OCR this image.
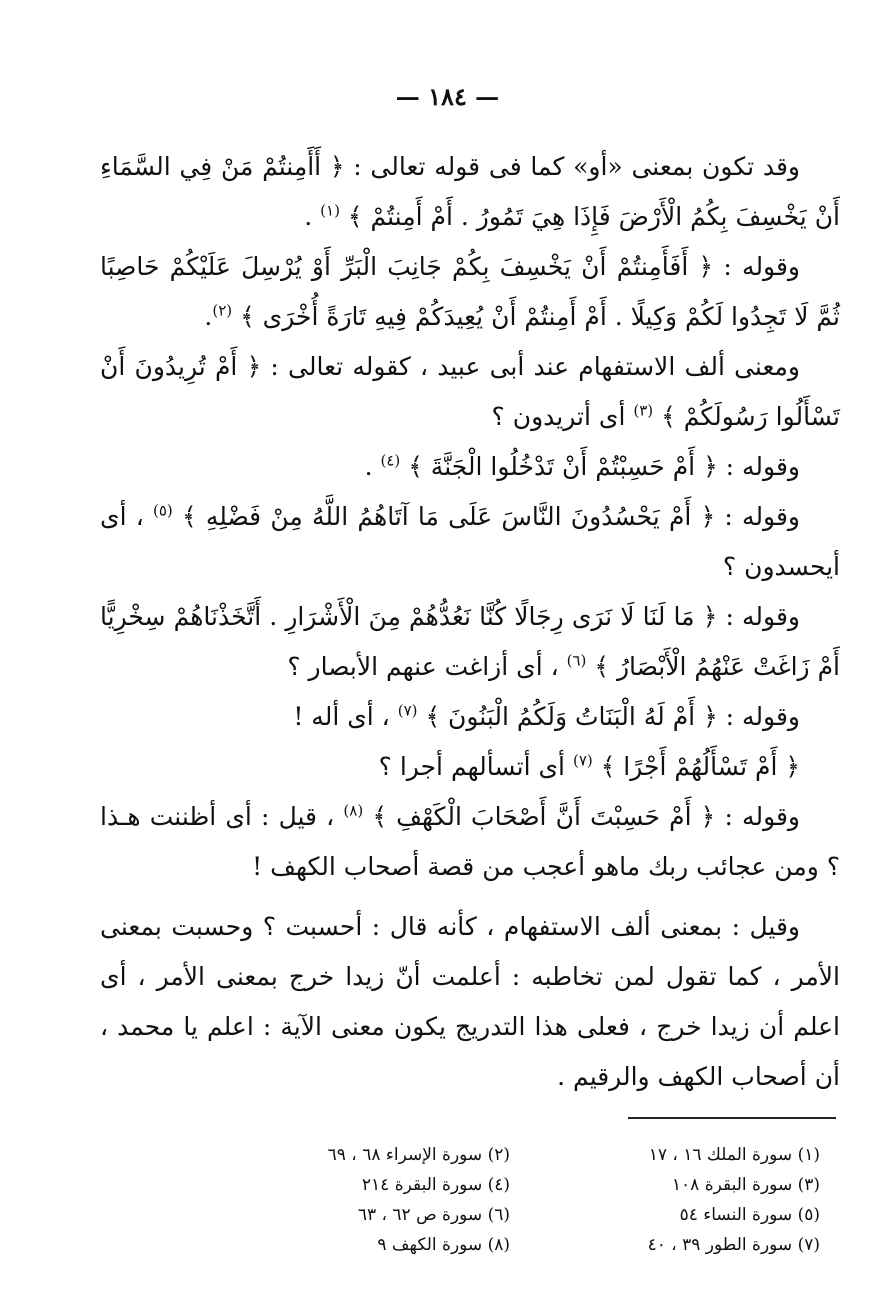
— ١٨٤ —

وقد تكون بمعنى «أو» كما فى قوله تعالى : ﴿ أَأَمِنتُمْ مَنْ فِي السَّمَاءِ أَنْ يَخْسِفَ بِكُمُ الْأَرْضَ فَإِذَا هِيَ تَمُورُ . أَمْ أَمِنتُمْ ﴾ $^{(١)}$ .

وقوله : ﴿ أَفَأَمِنتُمْ أَنْ يَخْسِفَ بِكُمْ جَانِبَ الْبَرِّ أَوْ يُرْسِلَ عَلَيْكُمْ حَاصِبًا ثُمَّ لَا تَجِدُوا لَكُمْ وَكِيلًا . أَمْ أَمِنتُمْ أَنْ يُعِيدَكُمْ فِيهِ تَارَةً أُخْرَى ﴾ $^{(٢)}$.

ومعنى ألف الاستفهام عند أبى عبيد ، كقوله تعالى : ﴿ أَمْ تُرِيدُونَ أَنْ تَسْأَلُوا رَسُولَكُمْ ﴾ $^{(٣)}$ أى أتريدون ؟

وقوله : ﴿ أَمْ حَسِبْتُمْ أَنْ تَدْخُلُوا الْجَنَّةَ ﴾ $^{(٤)}$ .

وقوله : ﴿ أَمْ يَحْسُدُونَ النَّاسَ عَلَى مَا آتَاهُمُ اللَّهُ مِنْ فَضْلِهِ ﴾ $^{(٥)}$ ، أى أيحسدون ؟

وقوله : ﴿ مَا لَنَا لَا نَرَى رِجَالًا كُنَّا نَعُدُّهُمْ مِنَ الْأَشْرَارِ . أَتَّخَذْنَاهُمْ سِخْرِيًّا أَمْ زَاغَتْ عَنْهُمُ الْأَبْصَارُ ﴾ $^{(٦)}$ ، أى أزاغت عنهم الأبصار ؟

وقوله : ﴿ أَمْ لَهُ الْبَنَاتُ وَلَكُمُ الْبَنُونَ ﴾ $^{(٧)}$ ، أى أله !

﴿ أَمْ تَسْأَلُهُمْ أَجْرًا ﴾ $^{(٧)}$ أى أتسألهم أجرا ؟

وقوله : ﴿ أَمْ حَسِبْتَ أَنَّ أَصْحَابَ الْكَهْفِ ﴾ $^{(٨)}$ ، قيل : أى أظننت هـذا ؟ ومن عجائب ربك ماهو أعجب من قصة أصحاب الكهف !

وقيل : بمعنى ألف الاستفهام ، كأنه قال : أحسبت ؟ وحسبت بمعنى الأمر ، كما تقول لمن تخاطبه : أعلمت أنّ زيدا خرج بمعنى الأمر ، أى اعلم أن زيدا خرج ، فعلى هذا التدريج يكون معنى الآية : اعلم يا محمد ، أن أصحاب الكهف والرقيم .

(١) سورة الملك ١٦ ، ١٧
(٢) سورة الإسراء ٦٨ ، ٦٩
(٣) سورة البقرة ١٠٨
(٤) سورة البقرة ٢١٤
(٥) سورة النساء ٥٤
(٦) سورة ص ٦٢ ، ٦٣
(٧) سورة الطور ٣٩ ، ٤٠
(٨) سورة الكهف ٩
